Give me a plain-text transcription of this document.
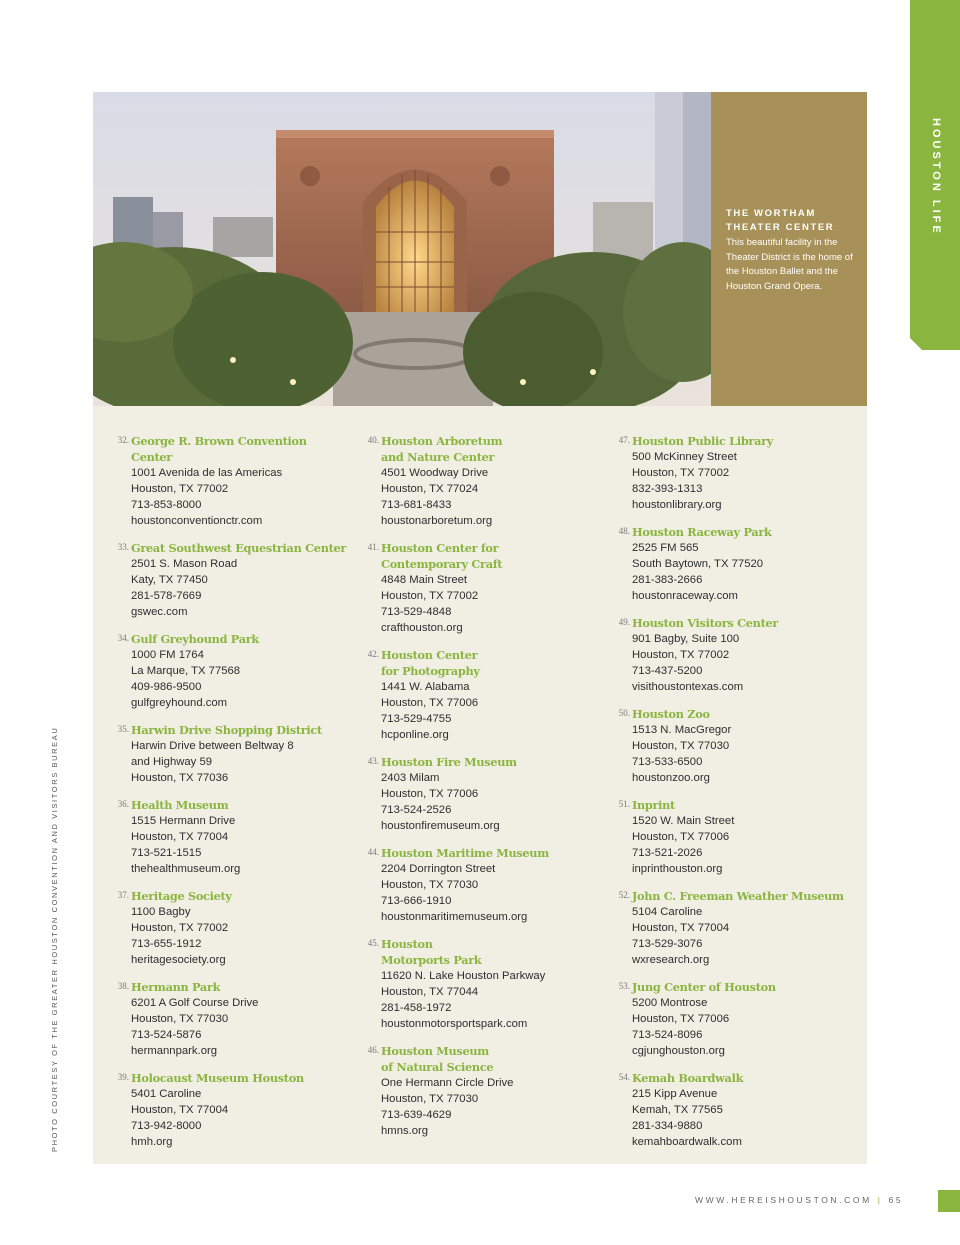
HOUSTON LIFE
PHOTO COURTESY OF THE GREATER HOUSTON CONVENTION AND VISITORS BUREAU
THE WORTHAM THEATER CENTER
This beautiful facility in the Theater District is the home of the Houston Ballet and the Houston Grand Opera.
32. George R. Brown Convention Center
1001 Avenida de las Americas
Houston, TX 77002
713-853-8000
houstonconventionctr.com
33. Great Southwest Equestrian Center
2501 S. Mason Road
Katy, TX 77450
281-578-7669
gswec.com
34. Gulf Greyhound Park
1000 FM 1764
La Marque, TX 77568
409-986-9500
gulfgreyhound.com
35. Harwin Drive Shopping District
Harwin Drive between Beltway 8
and Highway 59
Houston, TX 77036
36. Health Museum
1515 Hermann Drive
Houston, TX 77004
713-521-1515
thehealthmuseum.org
37. Heritage Society
1100 Bagby
Houston, TX 77002
713-655-1912
heritagesociety.org
38. Hermann Park
6201 A Golf Course Drive
Houston, TX 77030
713-524-5876
hermannpark.org
39. Holocaust Museum Houston
5401 Caroline
Houston, TX 77004
713-942-8000
hmh.org
40. Houston Arboretum
and Nature Center
4501 Woodway Drive
Houston, TX 77024
713-681-8433
houstonarboretum.org
41. Houston Center for
Contemporary Craft
4848 Main Street
Houston, TX 77002
713-529-4848
crafthouston.org
42. Houston Center
for Photography
1441 W. Alabama
Houston, TX 77006
713-529-4755
hcponline.org
43. Houston Fire Museum
2403 Milam
Houston, TX 77006
713-524-2526
houstonfiremuseum.org
44. Houston Maritime Museum
2204 Dorrington Street
Houston, TX 77030
713-666-1910
houstonmaritimemuseum.org
45. Houston
Motorports Park
11620 N. Lake Houston Parkway
Houston, TX 77044
281-458-1972
houstonmotorsportspark.com
46. Houston Museum
of Natural Science
One Hermann Circle Drive
Houston, TX 77030
713-639-4629
hmns.org
47. Houston Public Library
500 McKinney Street
Houston, TX 77002
832-393-1313
houstonlibrary.org
48. Houston Raceway Park
2525 FM 565
South Baytown, TX 77520
281-383-2666
houstonraceway.com
49. Houston Visitors Center
901 Bagby, Suite 100
Houston, TX 77002
713-437-5200
visithoustontexas.com
50. Houston Zoo
1513 N. MacGregor
Houston, TX 77030
713-533-6500
houstonzoo.org
51. Inprint
1520 W. Main Street
Houston, TX 77006
713-521-2026
inprinthouston.org
52. John C. Freeman Weather Museum
5104 Caroline
Houston, TX 77004
713-529-3076
wxresearch.org
53. Jung Center of Houston
5200 Montrose
Houston, TX 77006
713-524-8096
cgjunghouston.org
54. Kemah Boardwalk
215 Kipp Avenue
Kemah, TX 77565
281-334-9880
kemahboardwalk.com
WWW.HEREISHOUSTON.COM | 65
